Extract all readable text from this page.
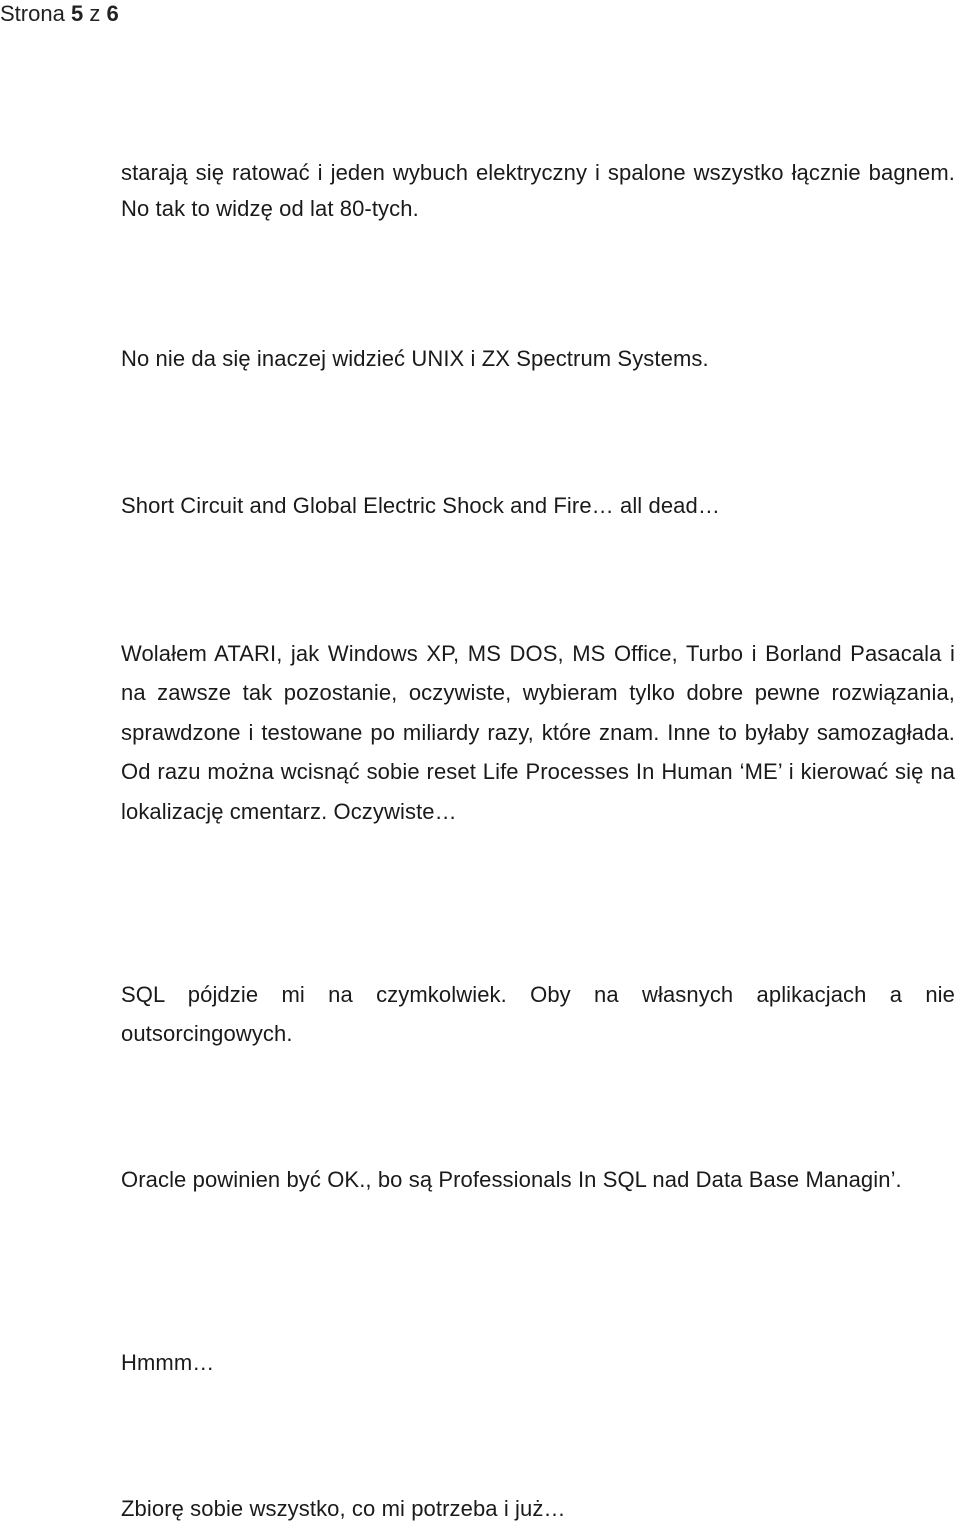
Strona 5 z 6

starają się ratować i jeden wybuch elektryczny i spalone wszystko łącznie bagnem. No tak to widzę od lat 80-tych.

No nie da się inaczej widzieć UNIX i ZX Spectrum Systems.

Short Circuit and Global Electric Shock and Fire… all dead…

Wolałem ATARI, jak Windows XP, MS DOS, MS Office, Turbo i Borland Pasacala i na zawsze tak pozostanie, oczywiste, wybieram tylko dobre pewne rozwiązania, sprawdzone i testowane po miliardy razy, które znam. Inne to byłaby samozagłada. Od razu można wcisnąć sobie reset Life Processes In Human ‘ME’ i kierować się na lokalizację cmentarz. Oczywiste…

SQL pójdzie mi na czymkolwiek. Oby na własnych aplikacjach a nie outsorcingowych.

Oracle powinien być OK., bo są Professionals In SQL nad Data Base Managin’.

Hmmm…

Zbiorę sobie wszystko, co mi potrzeba i już…
